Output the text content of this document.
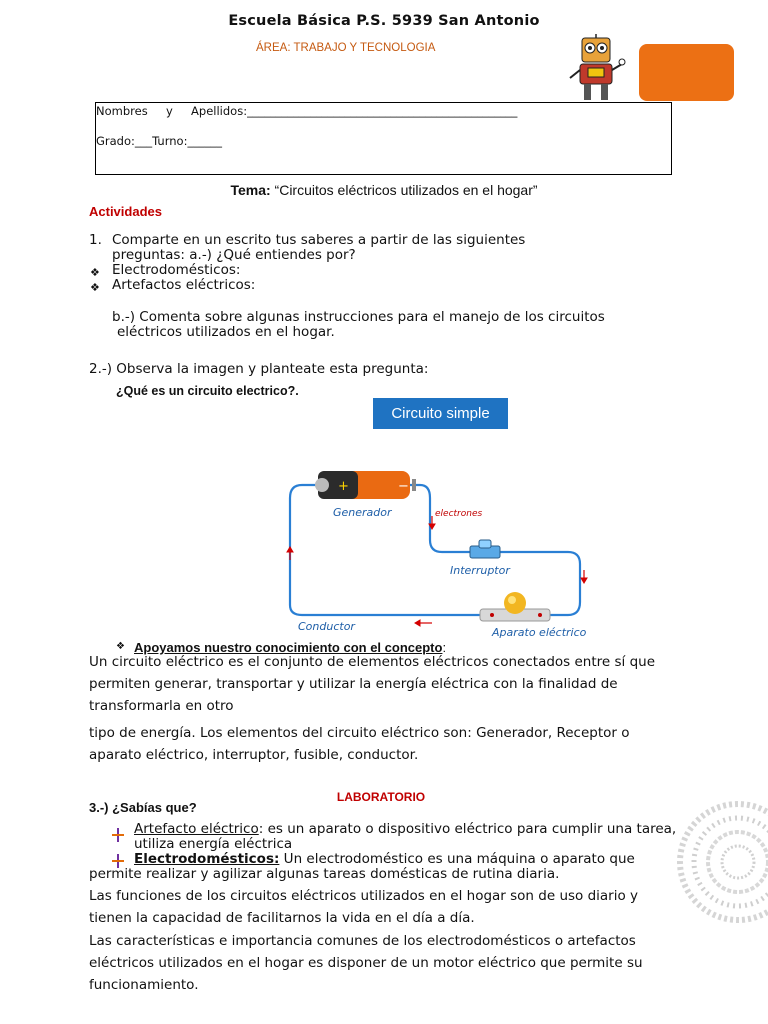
Escuela Básica P.S. 5939 San Antonio
ÁREA: TRABAJO Y TECNOLOGIA
Nombres     y     Apellidos:_______________________________________________
Grado:___Turno:______
Tema: “Circuitos eléctricos utilizados en el hogar”
Actividades
1. Comparte en un escrito tus saberes a partir de las siguientes
preguntas: a.-) ¿Qué entiendes por?
❖ Electrodomésticos:
❖ Artefactos eléctricos:
b.-) Comenta sobre algunas instrucciones para el manejo de los circuitos
eléctricos utilizados en el hogar.
2.-) Observa la imagen y planteate esta pregunta:
¿Qué es un circuito electrico?.
Circuito simple
+	−
Generador	electrones
Interruptor
Conductor	Aparato eléctrico
❖ Apoyamos nuestro conocimiento con el concepto:
Un circuito eléctrico es el conjunto de elementos eléctricos conectados entre sí que
permiten generar, transportar y utilizar la energía eléctrica con la finalidad de
transformarla en otro
tipo de energía. Los elementos del circuito eléctrico son: Generador, Receptor o
aparato eléctrico, interruptor, fusible, conductor.
LABORATORIO
3.-) ¿Sabías que?
Artefacto eléctrico: es un aparato o dispositivo eléctrico para cumplir una tarea,
utiliza energía eléctrica
Electrodomésticos: Un electrodoméstico es una máquina o aparato que
permite realizar y agilizar algunas tareas domésticas de rutina diaria.
Las funciones de los circuitos eléctricos utilizados en el hogar son de uso diario y
tienen la capacidad de facilitarnos la vida en el día a día.
Las características e importancia comunes de los electrodomésticos o artefactos
eléctricos utilizados en el hogar es disponer de un motor eléctrico que permite su
funcionamiento.
